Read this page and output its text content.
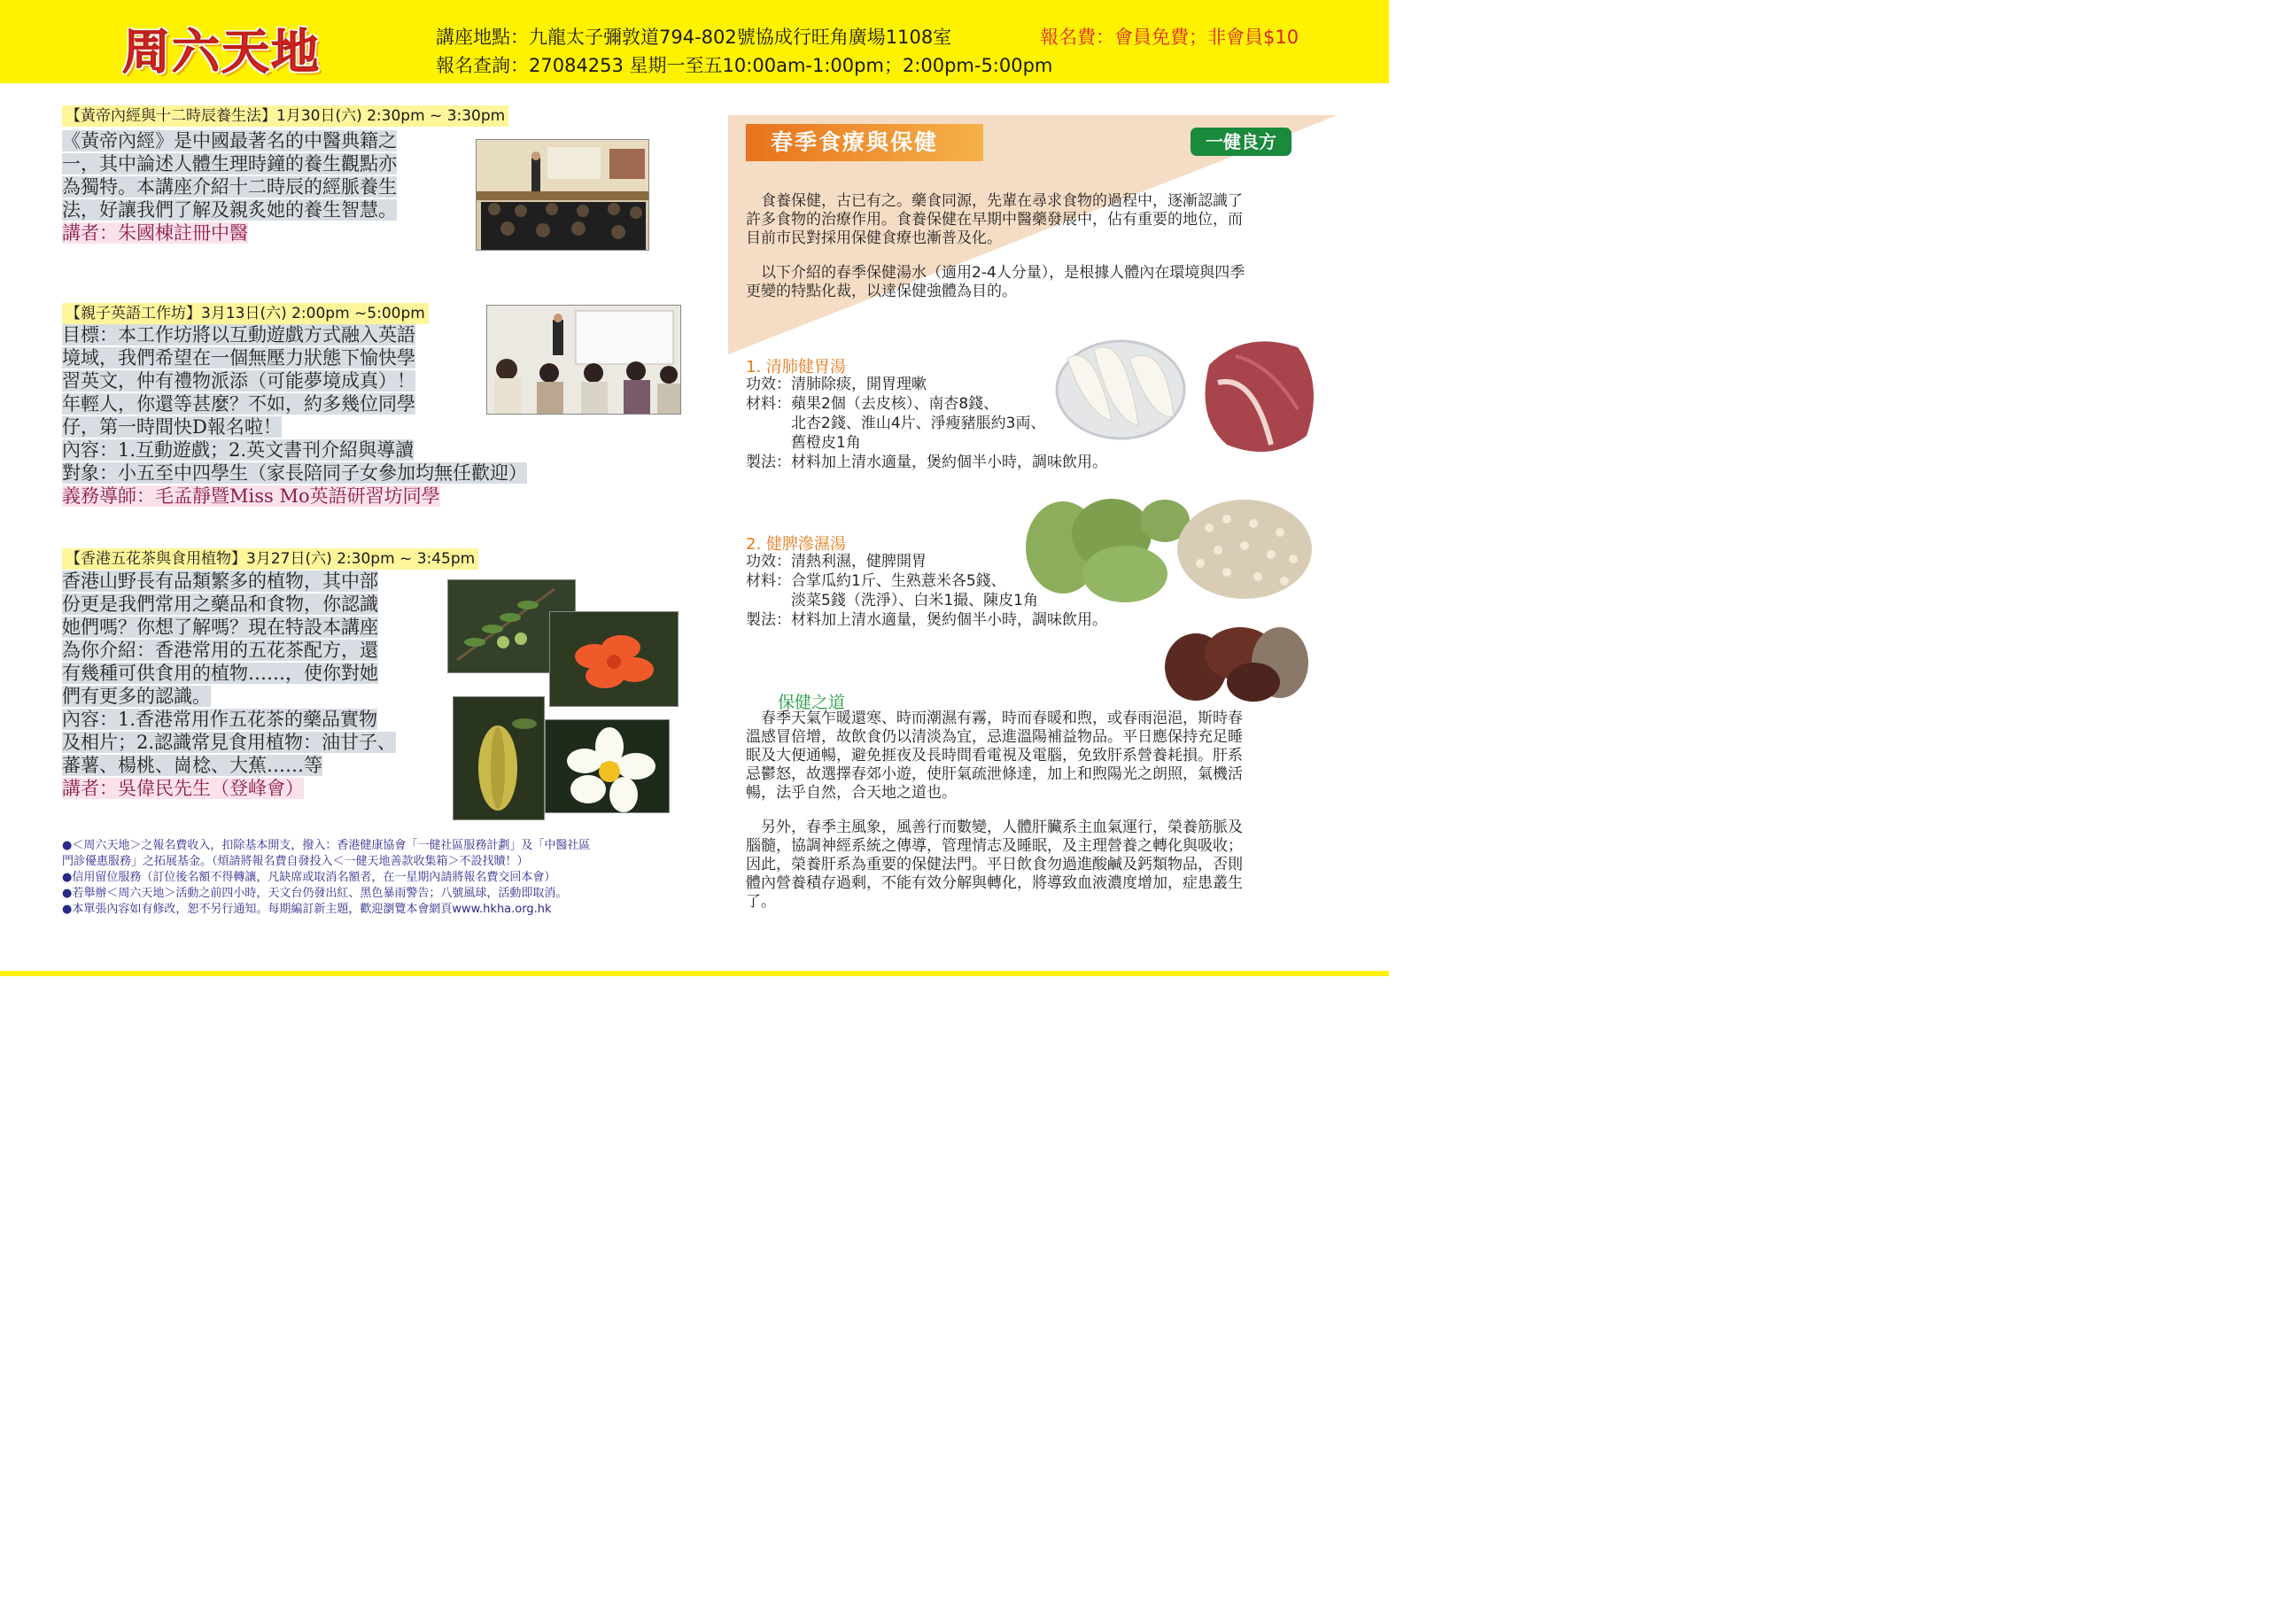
周六天地	講座地點：九龍太子彌敦道794-802號協成行旺角廣場1108室
報名查詢：27084253 星期一至五10:00am-1:00pm；2:00pm-5:00pm
報名費：會員免費；非會員$10
【黃帝內經與十二時辰養生法】1月30日(六) 2:30pm ~ 3:30pm
《黃帝內經》是中國最著名的中醫典籍之
一，其中論述人體生理時鐘的養生觀點亦
為獨特。本講座介紹十二時辰的經脈養生
法，好讓我們了解及親炙她的養生智慧。
講者：朱國棟註冊中醫
【親子英語工作坊】3月13日(六) 2:00pm ~5:00pm
目標：本工作坊將以互動遊戲方式融入英語
境域，我們希望在一個無壓力狀態下愉快學
習英文，仲有禮物派添（可能夢境成真）！
年輕人，你還等甚麼？不如，約多幾位同學
仔，第一時間快D報名啦！
內容：1.互動遊戲；2.英文書刊介紹與導讀
對象：小五至中四學生（家長陪同子女參加均無任歡迎）
義務導師：毛孟靜暨Miss Mo英語研習坊同學
【香港五花茶與食用植物】3月27日(六) 2:30pm ~ 3:45pm
香港山野長有品類繁多的植物，其中部
份更是我們常用之藥品和食物，你認識
她們嗎？你想了解嗎？現在特設本講座
為你介紹：香港常用的五花茶配方，還
有幾種可供食用的植物……，使你對她
們有更多的認識。
內容：1.香港常用作五花茶的藥品實物
及相片；2.認識常見食用植物：油甘子、
蕃薯、楊桃、崗棯、大蕉……等
講者：吳偉民先生（登峰會）
●＜周六天地＞之報名費收入，扣除基本開支，撥入：香港健康協會「一健社區服務計劃」及「中醫社區
門診優惠服務」之拓展基金。（煩請將報名費自發投入＜一健天地善款收集箱＞不設找贖！）
●信用留位服務（訂位後名額不得轉讓，凡缺席或取消名額者，在一星期內請將報名費交回本會）
●若舉辦＜周六天地＞活動之前四小時，天文台仍發出紅、黑色暴雨警告；八號風球，活動即取消。
●本單張內容如有修改，恕不另行通知。每期編訂新主題，歡迎瀏覽本會網頁www.hkha.org.hk
春季食療與保健	一健良方
　食養保健，古已有之。藥食同源，先輩在尋求食物的過程中，逐漸認識了
許多食物的治療作用。食養保健在早期中醫藥發展中，佔有重要的地位，而
目前市民對採用保健食療也漸普及化。
　以下介紹的春季保健湯水（適用2-4人分量），是根據人體內在環境與四季
更變的特點化裁，以達保健強體為目的。
1. 清肺健胃湯
功效：清肺除痰，開胃理嗽
材料：蘋果2個（去皮核）、南杏8錢、
　　　北杏2錢、淮山4片、淨瘦豬脹約3両、
　　　舊橙皮1角
製法：材料加上清水適量，煲約個半小時，調味飲用。
2. 健脾滲濕湯
功效：清熱利濕，健脾開胃
材料：合掌瓜約1斤、生熟薏米各5錢、
　　　淡菜5錢（洗淨）、白米1撮、陳皮1角
製法：材料加上清水適量，煲約個半小時，調味飲用。
保健之道
　春季天氣乍暖還寒、時而潮濕有霧，時而春暖和煦，或春雨浥浥，斯時春
溫感冒倍增，故飲食仍以清淡為宜，忌進溫陽補益物品。平日應保持充足睡
眠及大便通暢，避免捱夜及長時間看電視及電腦，免致肝系營養耗損。肝系
忌鬱怒，故選擇春郊小遊，使肝氣疏泄條達，加上和煦陽光之朗照，氣機活
暢，法乎自然，合天地之道也。
　另外，春季主風象，風善行而數變，人體肝臟系主血氣運行，榮養筋脈及
腦髓，協調神經系統之傳導，管理情志及睡眠，及主理營養之轉化與吸收；
因此，榮養肝系為重要的保健法門。平日飲食勿過進酸鹹及鈣類物品，否則
體內營養積存過剩，不能有效分解與轉化，將導致血液濃度增加，症患叢生
了。
